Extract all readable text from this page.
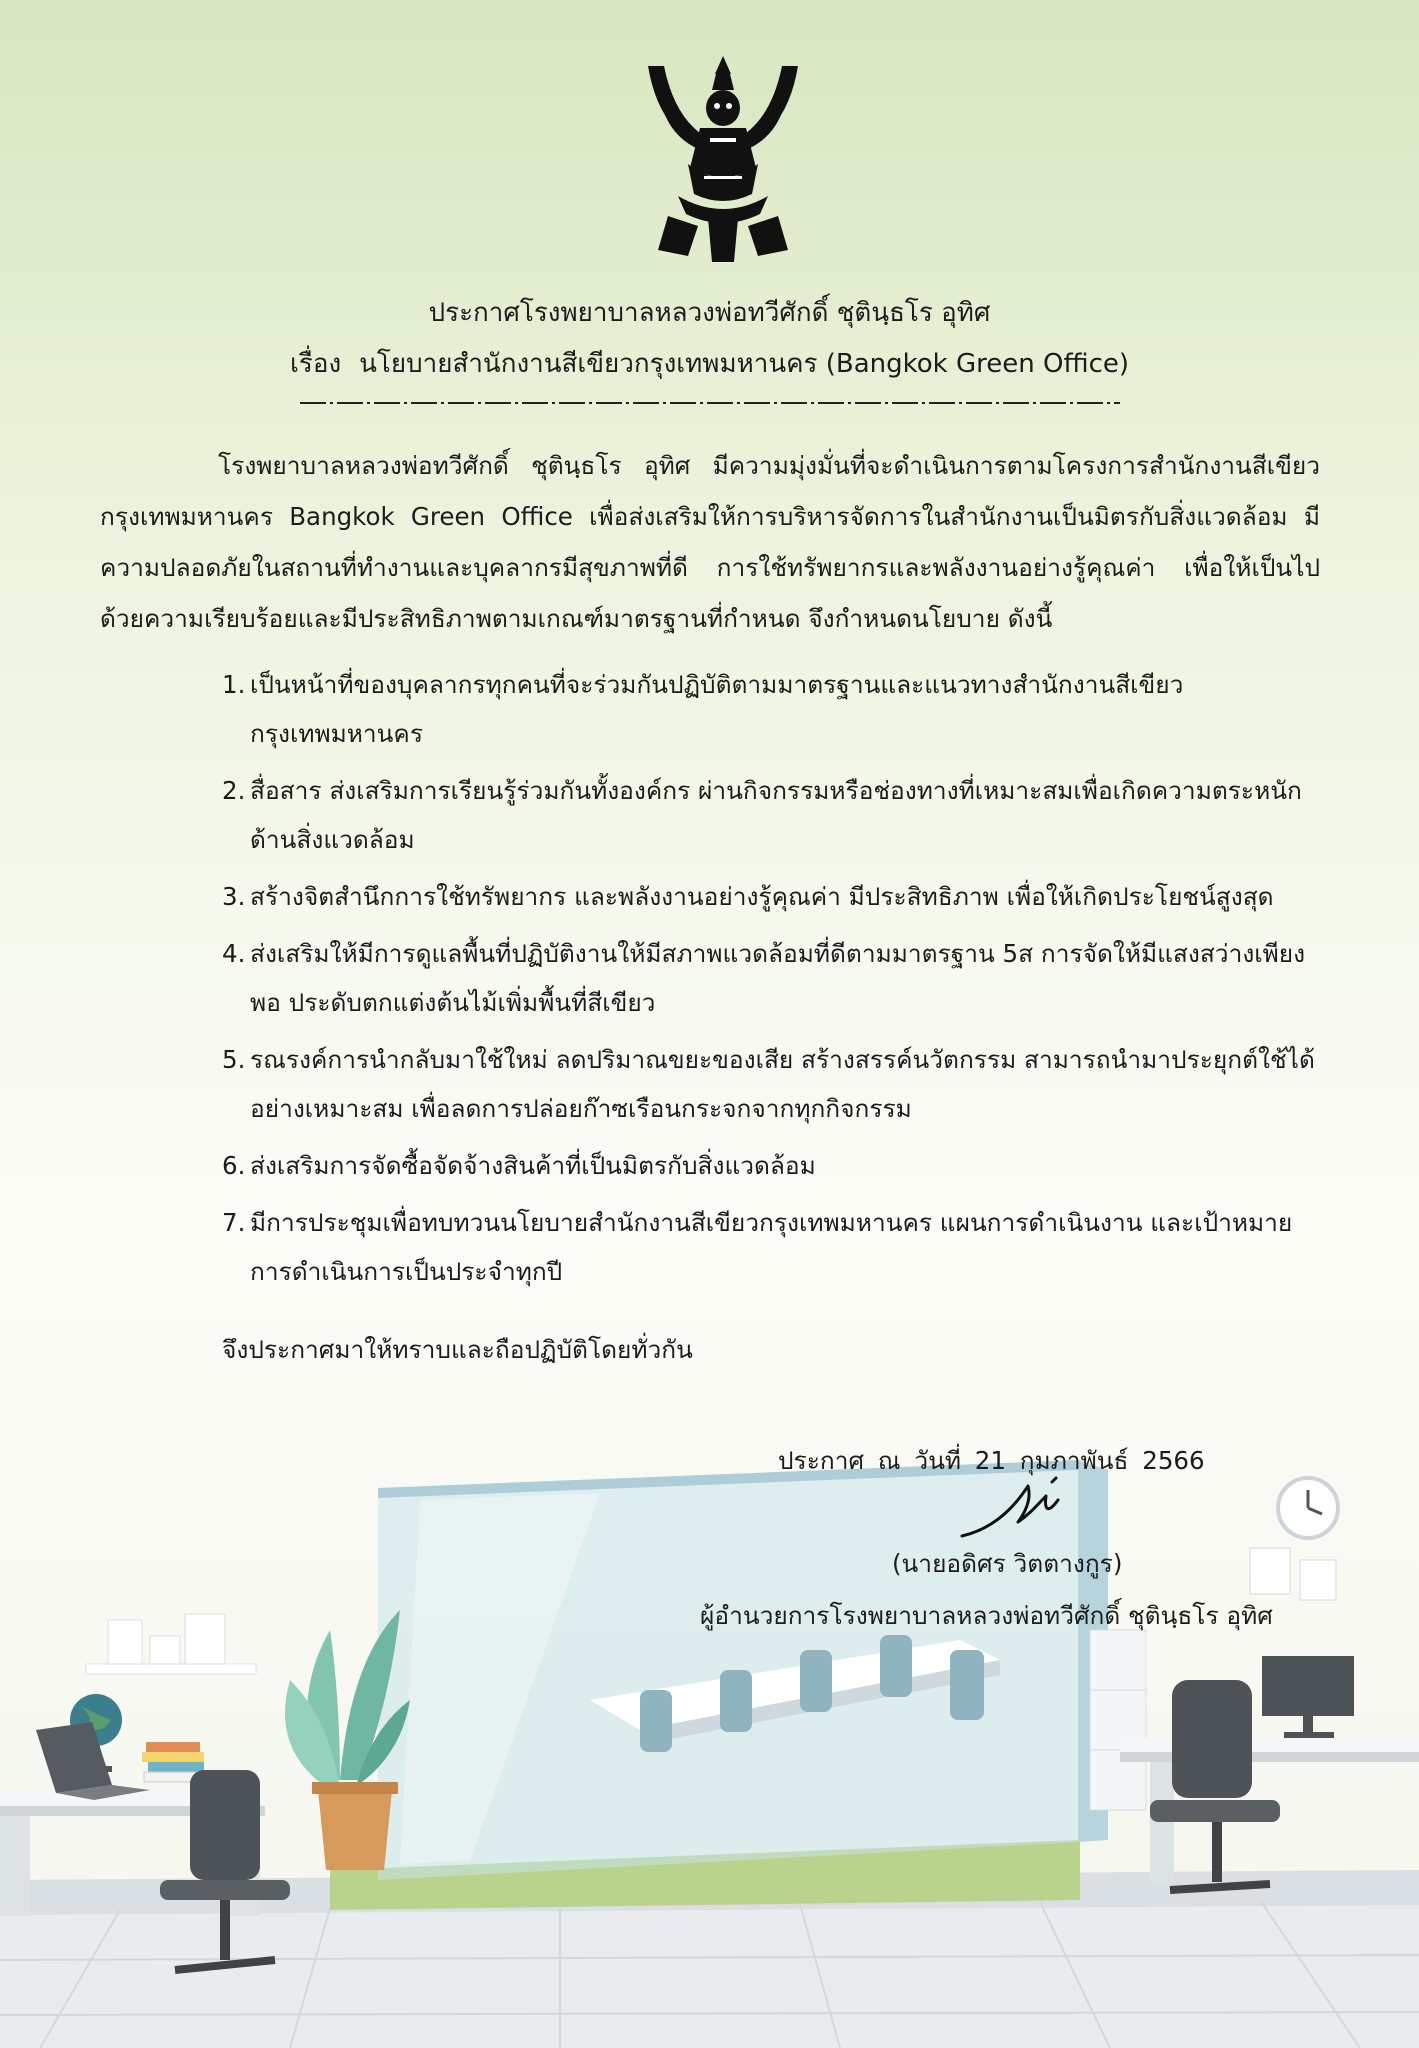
ประกาศโรงพยาบาลหลวงพ่อทวีศักดิ์ ชุตินฺธโร อุทิศ
เรื่อง นโยบายสำนักงานสีเขียวกรุงเทพมหานคร (Bangkok Green Office)

โรงพยาบาลหลวงพ่อทวีศักดิ์ ชุตินฺธโร อุทิศ มีความมุ่งมั่นที่จะดำเนินการตามโครงการสำนักงานสีเขียวกรุงเทพมหานคร Bangkok Green Office เพื่อส่งเสริมให้การบริหารจัดการในสำนักงานเป็นมิตรกับสิ่งแวดล้อม มีความปลอดภัยในสถานที่ทำงานและบุคลากรมีสุขภาพที่ดี การใช้ทรัพยากรและพลังงานอย่างรู้คุณค่า เพื่อให้เป็นไปด้วยความเรียบร้อยและมีประสิทธิภาพตามเกณฑ์มาตรฐานที่กำหนด จึงกำหนดนโยบาย ดังนี้

1. เป็นหน้าที่ของบุคลากรทุกคนที่จะร่วมกันปฏิบัติตามมาตรฐานและแนวทางสำนักงานสีเขียวกรุงเทพมหานคร
2. สื่อสาร ส่งเสริมการเรียนรู้ร่วมกันทั้งองค์กร ผ่านกิจกรรมหรือช่องทางที่เหมาะสมเพื่อเกิดความตระหนักด้านสิ่งแวดล้อม
3. สร้างจิตสำนึกการใช้ทรัพยากร และพลังงานอย่างรู้คุณค่า มีประสิทธิภาพ เพื่อให้เกิดประโยชน์สูงสุด
4. ส่งเสริมให้มีการดูแลพื้นที่ปฏิบัติงานให้มีสภาพแวดล้อมที่ดีตามมาตรฐาน 5ส การจัดให้มีแสงสว่างเพียงพอ ประดับตกแต่งต้นไม้เพิ่มพื้นที่สีเขียว
5. รณรงค์การนำกลับมาใช้ใหม่ ลดปริมาณขยะของเสีย สร้างสรรค์นวัตกรรม สามารถนำมาประยุกต์ใช้ได้อย่างเหมาะสม เพื่อลดการปล่อยก๊าซเรือนกระจกจากทุกกิจกรรม
6. ส่งเสริมการจัดซื้อจัดจ้างสินค้าที่เป็นมิตรกับสิ่งแวดล้อม
7. มีการประชุมเพื่อทบทวนนโยบายสำนักงานสีเขียวกรุงเทพมหานคร แผนการดำเนินงาน และเป้าหมายการดำเนินการเป็นประจำทุกปี
จึงประกาศมาให้ทราบและถือปฏิบัติโดยทั่วกัน
ประกาศ ณ วันที่ 21 กุมภาพันธ์ 2566
(นายอดิศร วิตตางกูร)
ผู้อำนวยการโรงพยาบาลหลวงพ่อทวีศักดิ์ ชุตินฺธโร อุทิศ
